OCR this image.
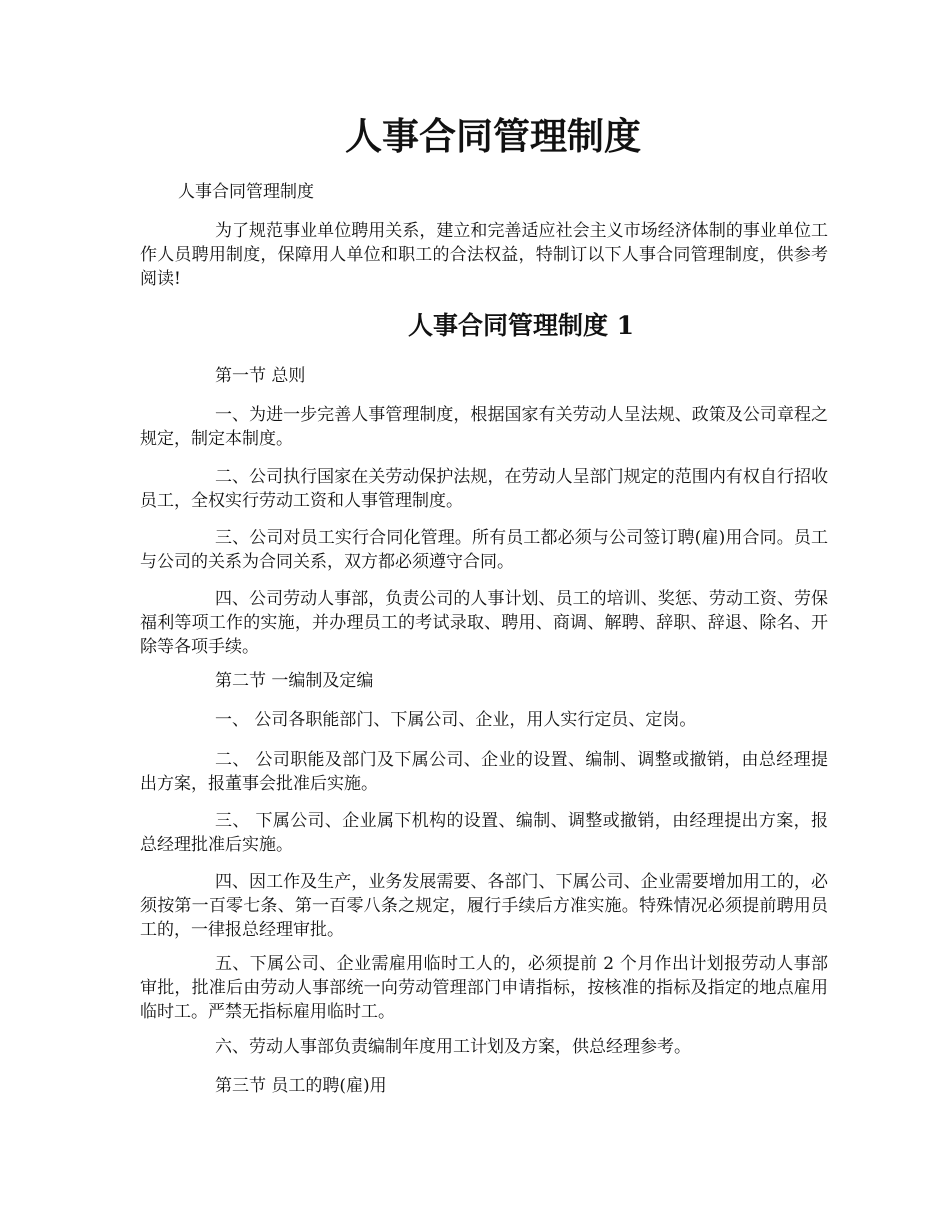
人事合同管理制度

人事合同管理制度

为了规范事业单位聘用关系，建立和完善适应社会主义市场经济体制的事业单位工作人员聘用制度，保障用人单位和职工的合法权益，特制订以下人事合同管理制度，供参考阅读!

人事合同管理制度 1

第一节 总则

一、为进一步完善人事管理制度，根据国家有关劳动人呈法规、政策及公司章程之规定，制定本制度。

二、公司执行国家在关劳动保护法规，在劳动人呈部门规定的范围内有权自行招收员工，全权实行劳动工资和人事管理制度。

三、公司对员工实行合同化管理。所有员工都必须与公司签订聘(雇)用合同。员工与公司的关系为合同关系，双方都必须遵守合同。

四、公司劳动人事部，负责公司的人事计划、员工的培训、奖惩、劳动工资、劳保福利等项工作的实施，并办理员工的考试录取、聘用、商调、解聘、辞职、辞退、除名、开除等各项手续。

第二节 一编制及定编

一、 公司各职能部门、下属公司、企业，用人实行定员、定岗。

二、 公司职能及部门及下属公司、企业的设置、编制、调整或撤销，由总经理提出方案，报董事会批准后实施。

三、 下属公司、企业属下机构的设置、编制、调整或撤销，由经理提出方案，报总经理批准后实施。

四、因工作及生产，业务发展需要、各部门、下属公司、企业需要增加用工的，必须按第一百零七条、第一百零八条之规定，履行手续后方准实施。特殊情况必须提前聘用员工的，一律报总经理审批。

五、下属公司、企业需雇用临时工人的，必须提前 2 个月作出计划报劳动人事部审批，批准后由劳动人事部统一向劳动管理部门申请指标，按核准的指标及指定的地点雇用临时工。严禁无指标雇用临时工。

六、劳动人事部负责编制年度用工计划及方案，供总经理参考。

第三节 员工的聘(雇)用
